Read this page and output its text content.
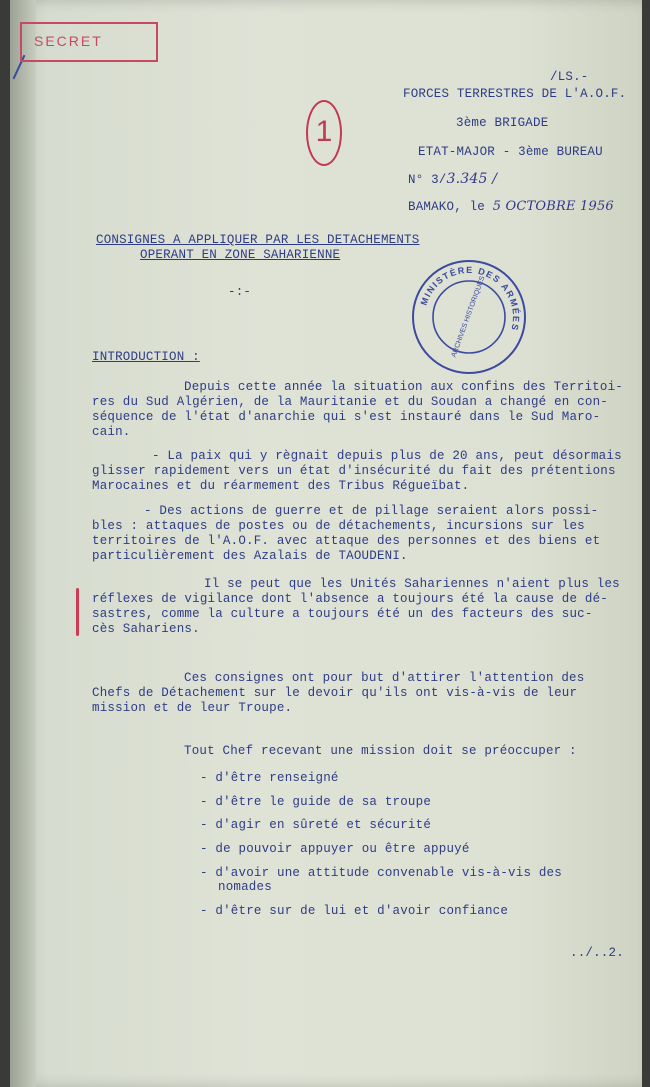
SECRET
1
/LS.-
FORCES TERRESTRES DE L'A.O.F.
3ème BRIGADE
ETAT-MAJOR - 3ème BUREAU
N° 3/3.345 /
BAMAKO, le 5 OCTOBRE 1956
CONSIGNES A APPLIQUER PAR LES DETACHEMENTS
OPERANT EN ZONE SAHARIENNE
-:-
MINISTÈRE DES ARMÉES
ARCHIVES HISTORIQUES
INTRODUCTION :
Depuis cette année la situation aux confins des Territoi-
res du Sud Algérien, de la Mauritanie et du Soudan a changé en con-
séquence de l'état d'anarchie qui s'est instauré dans le Sud Maro-
cain.
- La paix qui y règnait depuis plus de 20 ans, peut désormais
glisser rapidement vers un état d'insécurité du fait des prétentions
Marocaines et du réarmement des Tribus Régueïbat.
- Des actions de guerre et de pillage seraient alors possi-
bles : attaques de postes ou de détachements, incursions sur les
territoires de l'A.O.F. avec attaque des personnes et des biens et
particulièrement des Azalais de TAOUDENI.
Il se peut que les Unités Sahariennes n'aient plus les
réflexes de vigilance dont l'absence a toujours été la cause de dé-
sastres, comme la culture a toujours été un des facteurs des suc-
cès Sahariens.
Ces consignes ont pour but d'attirer l'attention des
Chefs de Détachement sur le devoir qu'ils ont vis-à-vis de leur
mission et de leur Troupe.
Tout Chef recevant une mission doit se préoccuper :
- d'être renseigné
- d'être le guide de sa troupe
- d'agir en sûreté et sécurité
- de pouvoir appuyer ou être appuyé
- d'avoir une attitude convenable vis-à-vis des
nomades
- d'être sur de lui et d'avoir confiance
../..2.
